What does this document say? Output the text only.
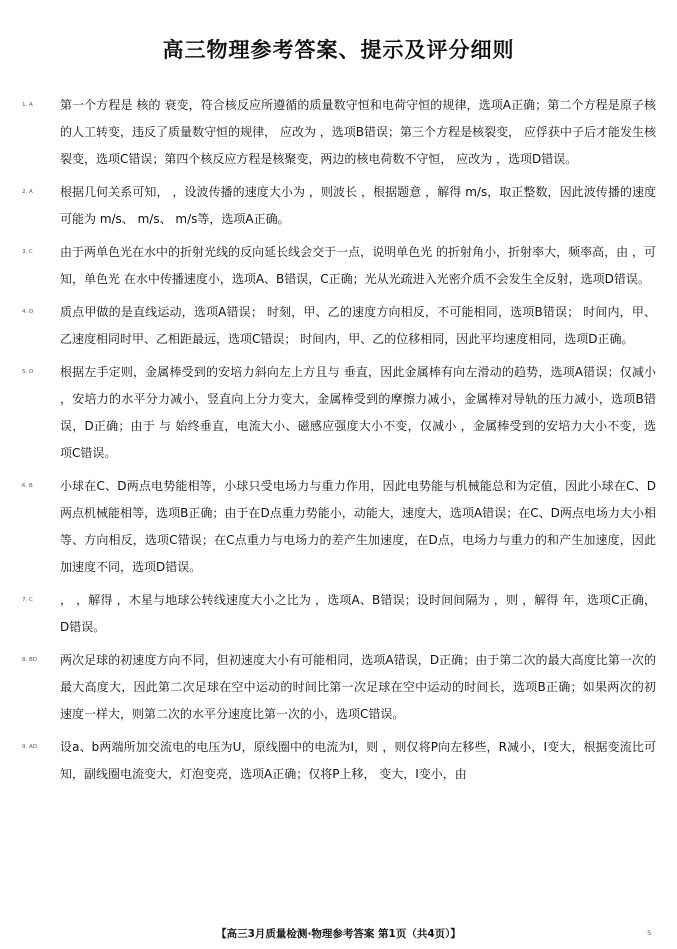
高三物理参考答案、提示及评分细则
1. A 第一个方程是 核的 衰变，符合核反应所遵循的质量数守恒和电荷守恒的规律，选项A正确；第二个方程是原子核的人工转变，违反了质量数守恒的规律， 应改为 ，选项B错误；第三个方程是核裂变， 应俘获中子后才能发生核裂变，选项C错误；第四个核反应方程是核聚变，两边的核电荷数不守恒， 应改为 ，选项D错误。

2. A 根据几何关系可知， ，设波传播的速度大小为 ，则波长 ，根据题意 ，解得 m/s，取正整数，因此波传播的速度可能为 m/s、 m/s、 m/s等，选项A正确。

3. C 由于两单色光在水中的折射光线的反向延长线会交于一点，说明单色光 的折射角小，折射率大，频率高，由 ，可知，单色光 在水中传播速度小，选项A、B错误，C正确；光从光疏进入光密介质不会发生全反射，选项D错误。

4. D 质点甲做的是直线运动，选项A错误； 时刻，甲、乙的速度方向相反，不可能相同，选项B错误； 时间内，甲、乙速度相同时甲、乙相距最远，选项C错误； 时间内，甲、乙的位移相同，因此平均速度相同，选项D正确。

5. D 根据左手定则，金属棒受到的安培力斜向左上方且与 垂直，因此金属棒有向左滑动的趋势，选项A错误；仅减小 ，安培力的水平分力减小，竖直向上分力变大，金属棒受到的摩擦力减小，金属棒对导轨的压力减小，选项B错误，D正确；由于 与 始终垂直，电流大小、磁感应强度大小不变，仅减小 ，金属棒受到的安培力大小不变，选项C错误。

6. B 小球在C、D两点电势能相等，小球只受电场力与重力作用，因此电势能与机械能总和为定值，因此小球在C、D两点机械能相等，选项B正确；由于在D点重力势能小，动能大，速度大，选项A错误；在C、D两点电场力大小相等、方向相反，选项C错误；在C点重力与电场力的差产生加速度，在D点，电场力与重力的和产生加速度，因此加速度不同，选项D错误。

7. C ， ，解得 ，木星与地球公转线速度大小之比为 ，选项A、B错误；设时间间隔为 ，则 ，解得 年，选项C正确，D错误。

8. BD 两次足球的初速度方向不同，但初速度大小有可能相同，选项A错误，D正确；由于第二次的最大高度比第一次的最大高度大，因此第二次足球在空中运动的时间比第一次足球在空中运动的时间长，选项B正确；如果两次的初速度一样大，则第二次的水平分速度比第一次的小，选项C错误。

9. AD 设a、b两端所加交流电的电压为U，原线圈中的电流为I，则 ，则仅将P向左移些，R减小，I变大，根据变流比可知，副线圈电流变大，灯泡变亮，选项A正确；仅将P上移， 变大，I变小，由

【高三3月质量检测·物理参考答案 第1页（共4页）】	S
